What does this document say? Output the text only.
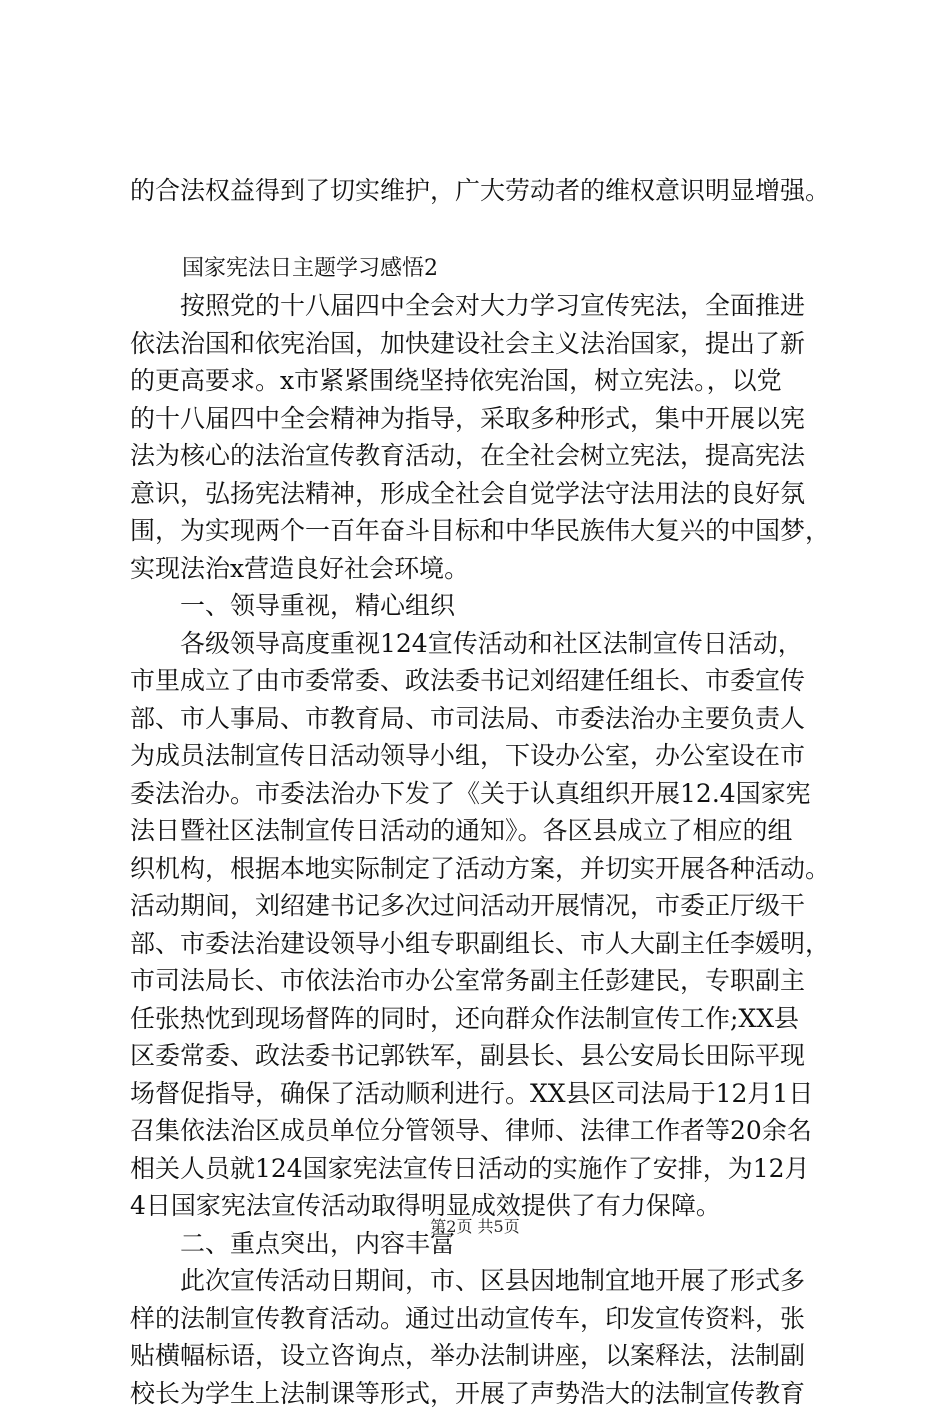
的合法权益得到了切实维护，广大劳动者的维权意识明显增强。
国家宪法日主题学习感悟2
按照党的十八届四中全会对大力学习宣传宪法，全面推进
依法治国和依宪治国，加快建设社会主义法治国家，提出了新
的更高要求。x市紧紧围绕坚持依宪治国，树立宪法。，以党
的十八届四中全会精神为指导，采取多种形式，集中开展以宪
法为核心的法治宣传教育活动，在全社会树立宪法，提高宪法
意识，弘扬宪法精神，形成全社会自觉学法守法用法的良好氛
围，为实现两个一百年奋斗目标和中华民族伟大复兴的中国梦，
实现法治x营造良好社会环境。
一、领导重视，精心组织
各级领导高度重视124宣传活动和社区法制宣传日活动，
市里成立了由市委常委、政法委书记刘绍建任组长、市委宣传
部、市人事局、市教育局、市司法局、市委法治办主要负责人
为成员法制宣传日活动领导小组，下设办公室，办公室设在市
委法治办。市委法治办下发了《关于认真组织开展12.4国家宪
法日暨社区法制宣传日活动的通知》。各区县成立了相应的组
织机构，根据本地实际制定了活动方案，并切实开展各种活动。
活动期间，刘绍建书记多次过问活动开展情况，市委正厅级干
部、市委法治建设领导小组专职副组长、市人大副主任李媛明，
市司法局长、市依法治市办公室常务副主任彭建民，专职副主
任张热忱到现场督阵的同时，还向群众作法制宣传工作;XX县
区委常委、政法委书记郭铁军，副县长、县公安局长田际平现
场督促指导，确保了活动顺利进行。XX县区司法局于12月1日
召集依法治区成员单位分管领导、律师、法律工作者等20余名
相关人员就124国家宪法宣传日活动的实施作了安排，为12月
4日国家宪法宣传活动取得明显成效提供了有力保障。
二、重点突出，内容丰富
此次宣传活动日期间，市、区县因地制宜地开展了形式多
样的法制宣传教育活动。通过出动宣传车，印发宣传资料，张
贴横幅标语，设立咨询点，举办法制讲座，以案释法，法制副
校长为学生上法制课等形式，开展了声势浩大的法制宣传教育
第2页 共5页
